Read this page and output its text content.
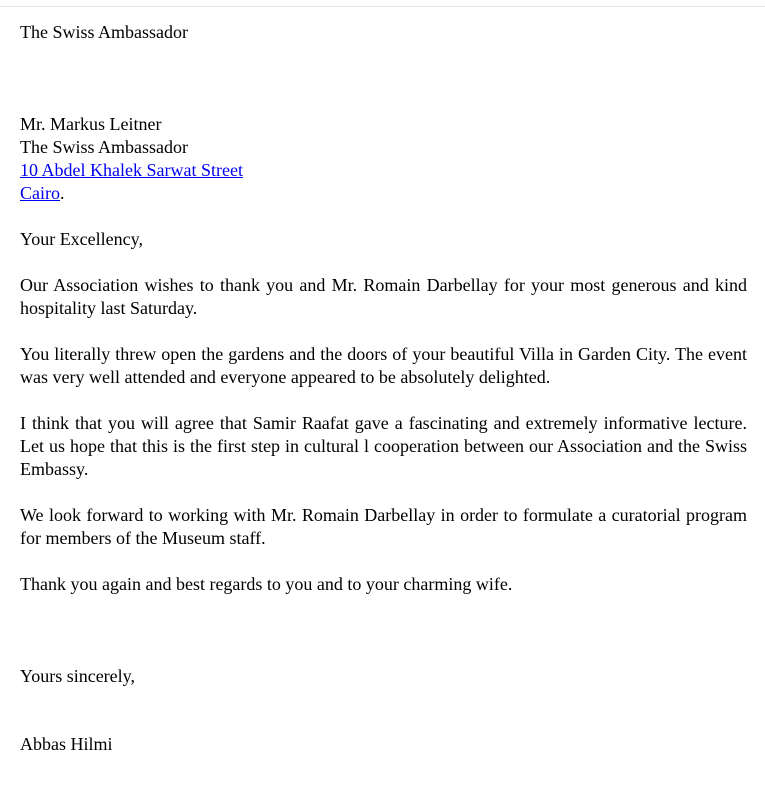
The Swiss Ambassador
Mr. Markus Leitner
The Swiss Ambassador
10 Abdel Khalek Sarwat Street
Cairo.
Your Excellency,

Our Association wishes to thank you and Mr. Romain Darbellay for your most generous and kind hospitality last Saturday.

You literally threw open the gardens and the doors of your beautiful Villa in Garden City. The event was very well attended and everyone appeared to be absolutely delighted.

I think that you will agree that Samir Raafat gave a fascinating and extremely informative lecture. Let us hope that this is the first step in cultural l cooperation between our Association and the Swiss Embassy.

We look forward to working with Mr. Romain Darbellay in order to formulate a curatorial program for members of the Museum staff.

Thank you again and best regards to you and to your charming wife.

Yours sincerely,
Abbas Hilmi
